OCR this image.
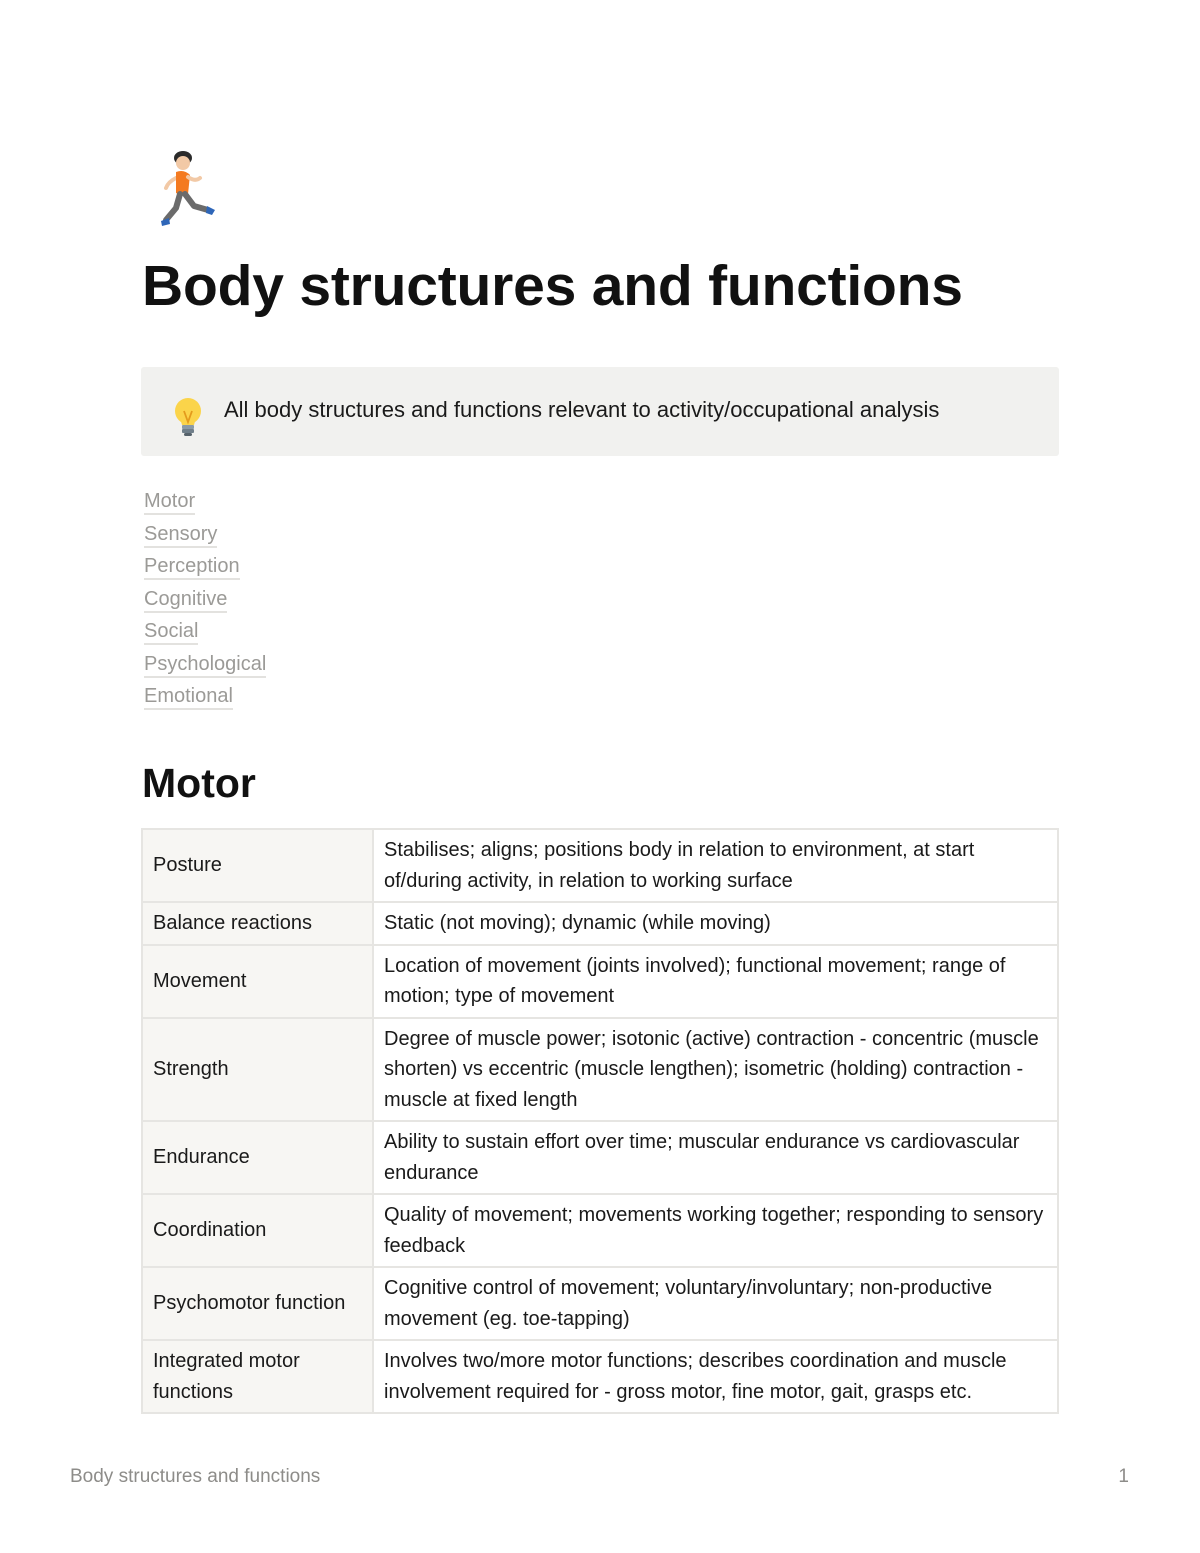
Body structures and functions
All body structures and functions relevant to activity/occupational analysis
Motor
Sensory
Perception
Cognitive
Social
Psychological
Emotional
Motor
Posture	Stabilises; aligns; positions body in relation to environment, at start of/during activity, in relation to working surface
Balance reactions	Static (not moving); dynamic (while moving)
Movement	Location of movement (joints involved); functional movement; range of motion; type of movement
Strength	Degree of muscle power; isotonic (active) contraction - concentric (muscle shorten) vs eccentric (muscle lengthen); isometric (holding) contraction - muscle at fixed length
Endurance	Ability to sustain effort over time; muscular endurance vs cardiovascular endurance
Coordination	Quality of movement; movements working together; responding to sensory feedback
Psychomotor function	Cognitive control of movement; voluntary/involuntary; non-productive movement (eg. toe-tapping)
Integrated motor functions	Involves two/more motor functions; describes coordination and muscle involvement required for - gross motor, fine motor, gait, grasps etc.
Body structures and functions	1
